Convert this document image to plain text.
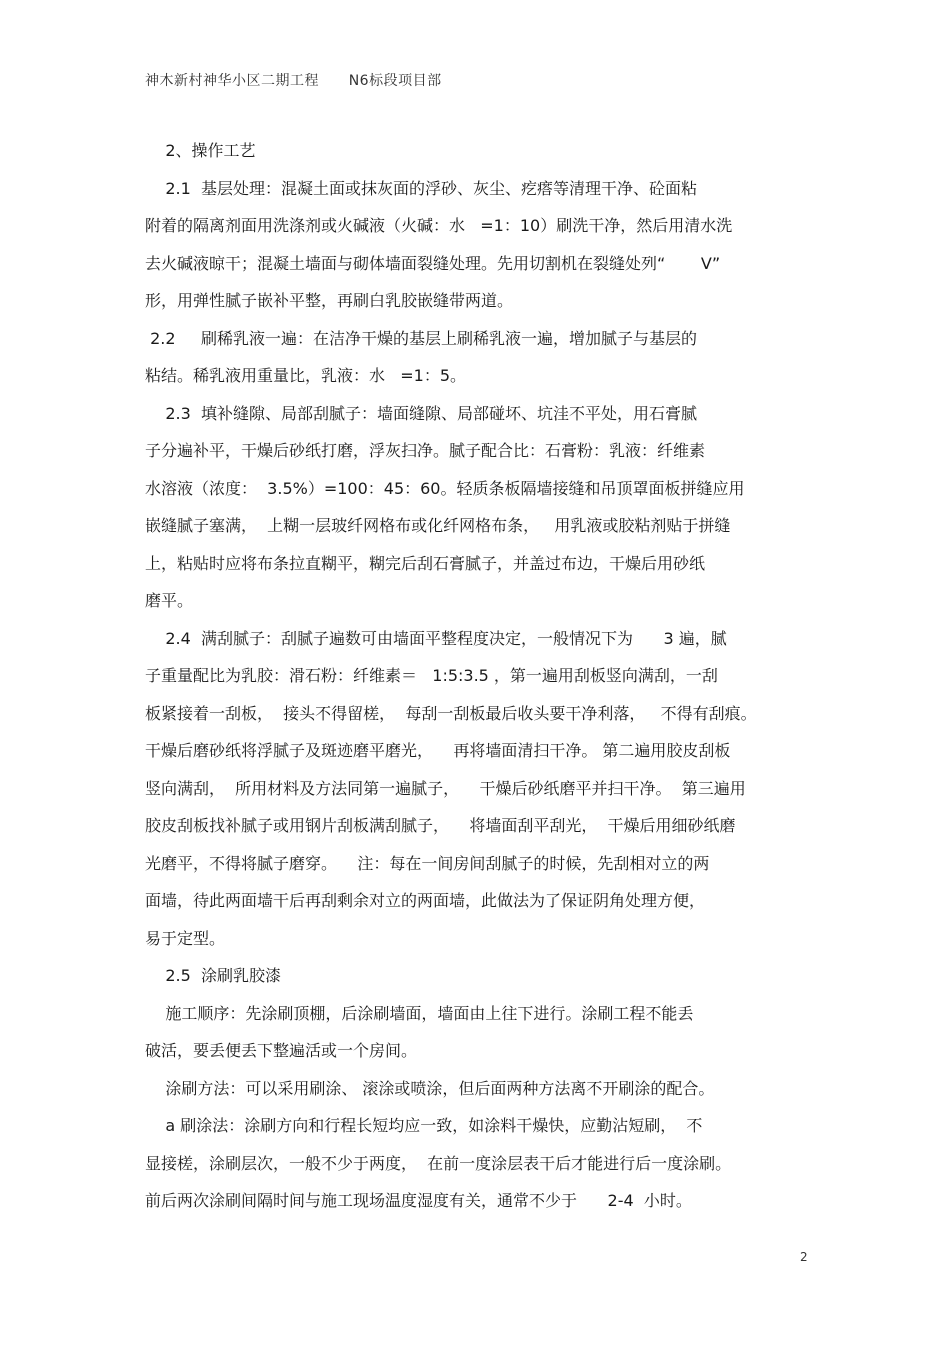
神木新村神华小区二期工程 N6标段项目部
2、操作工艺
2.1  基层处理：混凝土面或抹灰面的浮砂、灰尘、疙瘩等清理干净、砼面粘
附着的隔离剂面用洗涤剂或火碱液（火碱：水   =1：10）刷洗干净，然后用清水洗
去火碱液晾干；混凝土墙面与砌体墙面裂缝处理。先用切割机在裂缝处列“       V”
形，用弹性腻子嵌补平整，再刷白乳胶嵌缝带两道。
2.2     刷稀乳液一遍：在洁净干燥的基层上刷稀乳液一遍，增加腻子与基层的
粘结。稀乳液用重量比，乳液：水   =1：5。
2.3  填补缝隙、局部刮腻子：墙面缝隙、局部碰坏、坑洼不平处，用石膏腻
子分遍补平，干燥后砂纸打磨，浮灰扫净。腻子配合比：石膏粉：乳液：纤维素
水溶液（浓度：  3.5%）=100：45：60。轻质条板隔墙接缝和吊顶罩面板拼缝应用
嵌缝腻子塞满，  上糊一层玻纤网格布或化纤网格布条，   用乳液或胶粘剂贴于拼缝
上，粘贴时应将布条拉直糊平，糊完后刮石膏腻子，并盖过布边，干燥后用砂纸
磨平。
2.4  满刮腻子：刮腻子遍数可由墙面平整程度决定，一般情况下为      3 遍，腻
子重量配比为乳胶：滑石粉：纤维素＝   1:5:3.5 ，第一遍用刮板竖向满刮，一刮
板紧接着一刮板，  接头不得留槎，  每刮一刮板最后收头要干净利落，   不得有刮痕。
干燥后磨砂纸将浮腻子及斑迹磨平磨光，    再将墙面清扫干净。 第二遍用胶皮刮板
竖向满刮，  所用材料及方法同第一遍腻子，    干燥后砂纸磨平并扫干净。  第三遍用
胶皮刮板找补腻子或用钢片刮板满刮腻子，    将墙面刮平刮光，  干燥后用细砂纸磨
光磨平，不得将腻子磨穿。    注：每在一间房间刮腻子的时候，先刮相对立的两
面墙，待此两面墙干后再刮剩余对立的两面墙，此做法为了保证阴角处理方便，
易于定型。
2.5  涂刷乳胶漆
施工顺序：先涂刷顶棚，后涂刷墙面，墙面由上往下进行。涂刷工程不能丢
破活，要丢便丢下整遍活或一个房间。
涂刷方法：可以采用刷涂、 滚涂或喷涂，但后面两种方法离不开刷涂的配合。
a 刷涂法：涂刷方向和行程长短均应一致，如涂料干燥快，应勤沾短刷，  不
显接槎，涂刷层次，一般不少于两度，  在前一度涂层表干后才能进行后一度涂刷。
前后两次涂刷间隔时间与施工现场温度湿度有关，通常不少于      2-4  小时。
2
